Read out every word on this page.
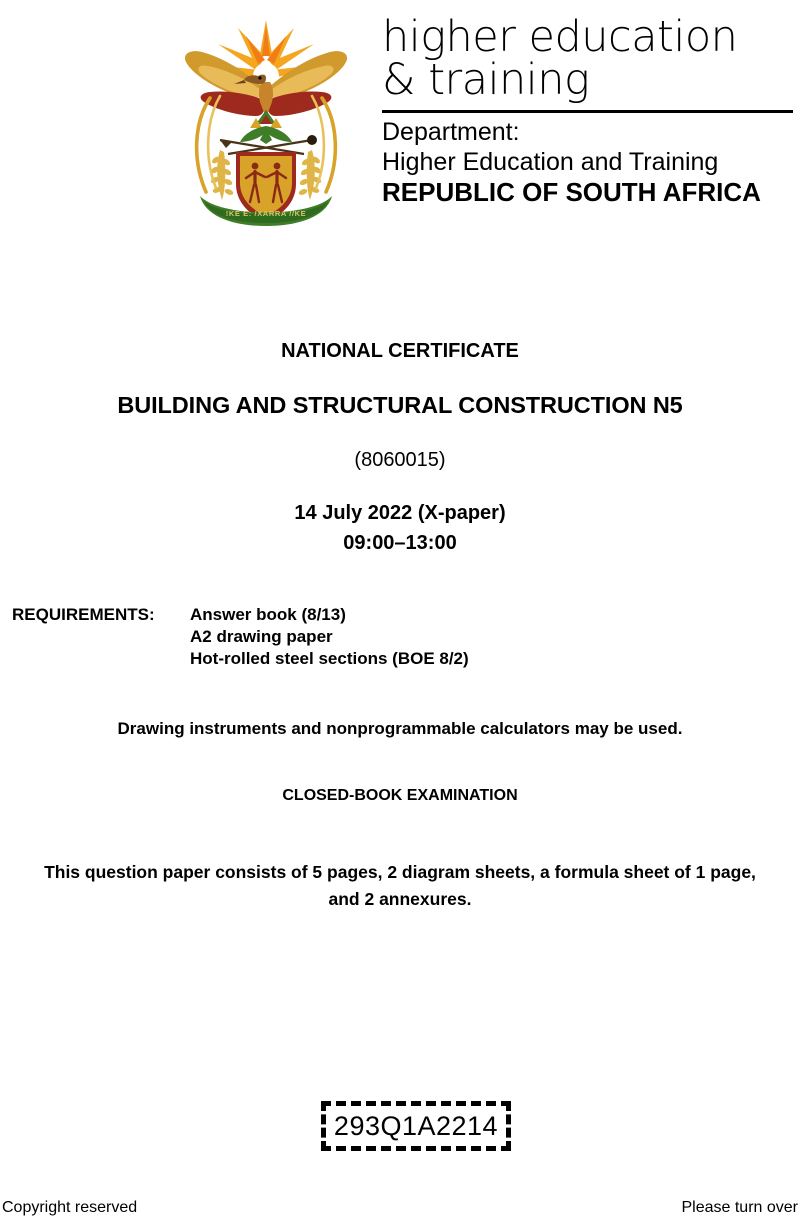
!KE E: /XARRA //KE
higher education
& training
Department:
Higher Education and Training
REPUBLIC OF SOUTH AFRICA
NATIONAL CERTIFICATE
BUILDING AND STRUCTURAL CONSTRUCTION N5
(8060015)
14 July 2022 (X-paper)
09:00–13:00
REQUIREMENTS:	Answer book (8/13)
A2 drawing paper
Hot-rolled steel sections (BOE 8/2)
Drawing instruments and nonprogrammable calculators may be used.
CLOSED-BOOK EXAMINATION
This question paper consists of 5 pages, 2 diagram sheets, a formula sheet of 1 page,
and 2 annexures.
293Q1A2214
Copyright reserved	Please turn over
